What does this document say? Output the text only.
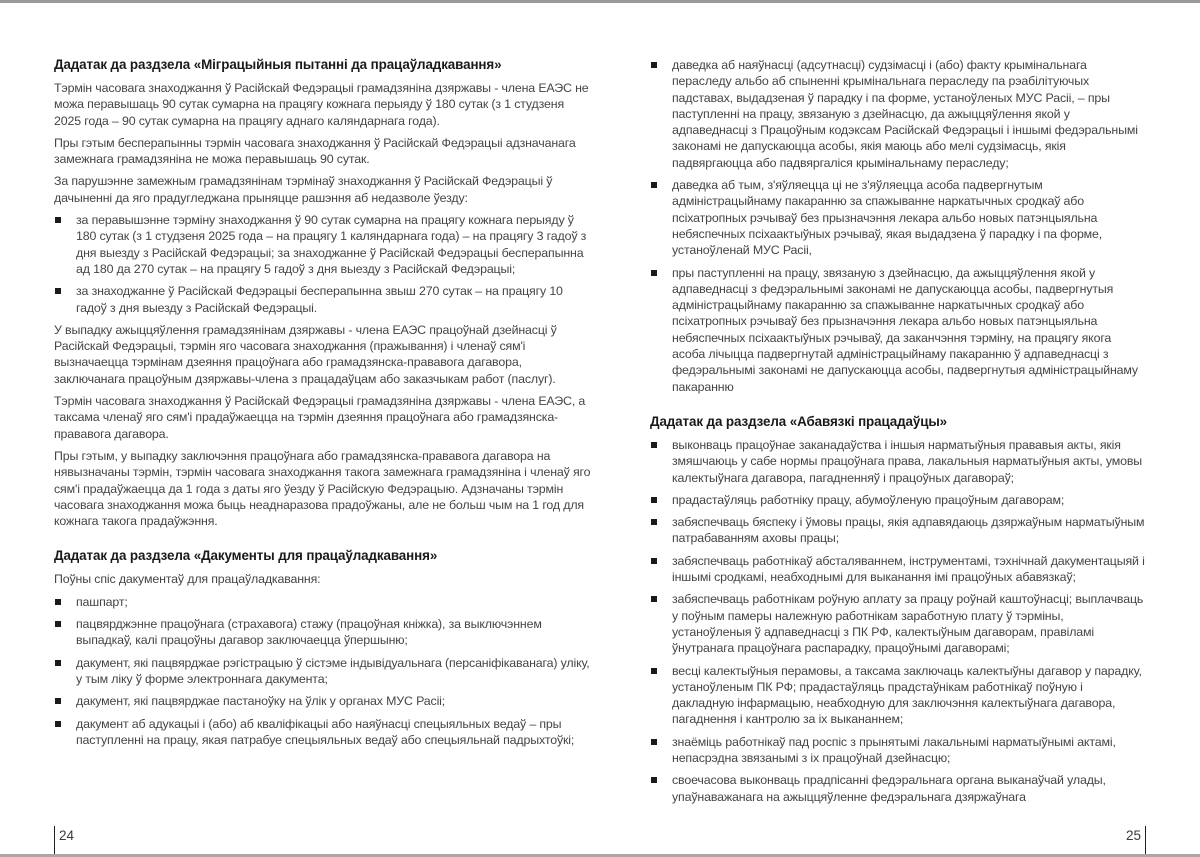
Дадатак да раздзела «Міграцыйныя пытанні да працаўладкавання»

Тэрмін часовага знаходжання ў Расійскай Федэрацыі грамадзяніна дзяржавы - члена ЕАЭС не можа перавышаць 90 сутак сумарна на працягу кожнага перыяду ў 180 сутак (з 1 студзеня 2025 года – 90 сутак сумарна на працягу аднаго каляндарнага года).

Пры гэтым бесперапынны тэрмін часовага знаходжання ў Расійскай Федэрацыі адзначанага замежнага грамадзяніна не можа перавышаць 90 сутак.

За парушэнне замежным грамадзянінам тэрмінаў знаходжання ў Расійскай Федэрацыі ў дачыненні да яго прадугледжана прыняцце рашэння аб недазволе ўезду:

за перавышэнне тэрміну знаходжання ў 90 сутак сумарна на працягу кожнага перыяду ў 180 сутак (з 1 студзеня 2025 года – на працягу 1 каляндарнага года) – на працягу 3 гадоў з дня выезду з Расійскай Федэрацыі; за знаходжанне ў Расійскай Федэрацыі бесперапынна ад 180 да 270 сутак – на працягу 5 гадоў з дня выезду з Расійскай Федэрацыі;
за знаходжанне ў Расійскай Федэрацыі бесперапынна звыш 270 сутак – на працягу 10 гадоў з дня выезду з Расійскай Федэрацыі.

У выпадку ажыццяўлення грамадзянінам дзяржавы - члена ЕАЭС працоўнай дзейнасці ў Расійскай Федэрацыі, тэрмін яго часовага знаходжання (пражывання) і членаў сям'і вызначаецца тэрмінам дзеяння працоўнага або грамадзянска-прававога дагавора, заключанага працоўным дзяржавы-члена з працадаўцам або заказчыкам работ (паслуг).

Тэрмін часовага знаходжання ў Расійскай Федэрацыі грамадзяніна дзяржавы - члена ЕАЭС, а таксама членаў яго сям'і прадаўжаецца на тэрмін дзеяння працоўнага або грамадзянска-прававога дагавора.

Пры гэтым, у выпадку заключэння працоўнага або грамадзянска-прававога дагавора на нявызначаны тэрмін, тэрмін часовага знаходжання такога замежнага грамадзяніна і членаў яго сям'і прадаўжаецца да 1 года з даты яго ўезду ў Расійскую Федэрацыю. Адзначаны тэрмін часовага знаходжання можа быць неаднаразова прадоўжаны, але не больш чым на 1 год для кожнага такога прадаўжэння.

Дадатак да раздзела «Дакументы для працаўладкавання»

Поўны спіс дакументаў для працаўладкавання:

пашпарт;
пацвярджэнне працоўнага (страхавога) стажу (працоўная кніжка), за выключэннем выпадкаў, калі працоўны дагавор заключаецца ўпершыню;
дакумент, які пацвярджае рэгістрацыю ў сістэме індывідуальнага (персаніфікаванага) уліку, у тым ліку ў форме электроннага дакумента;
дакумент, які пацвярджае пастаноўку на ўлік у органах МУС Расіі;
дакумент аб адукацыі і (або) аб кваліфікацыі або наяўнасці спецыяльных ведаў – пры паступленні на працу, якая патрабуе спецыяльных ведаў або спецыяльнай падрыхтоўкі;
24
даведка аб наяўнасці (адсутнасці) судзімасці і (або) факту крымінальнага пераследу альбо аб спыненні крымінальнага пераследу па рэабілітуючых падставах, выдадзеная ў парадку і па форме, устаноўленых МУС Расіі, – пры паступленні на працу, звязаную з дзейнасцю, да ажыццяўлення якой у адпаведнасці з Працоўным кодэксам Расійскай Федэрацыі і іншымі федэральнымі законамі не дапускаюцца асобы, якія маюць або мелі судзімасць, якія падвяргаюцца або падвяргаліся крымінальнаму пераследу;
даведка аб тым, з'яўляецца ці не з'яўляецца асоба падвергнутым адміністрацыйнаму пакаранню за спажыванне наркатычных сродкаў або псіхатропных рэчываў без прызначэння лекара альбо новых патэнцыяльна небяспечных псіхаактыўных рэчываў, якая выдадзена ў парадку і па форме, устаноўленай МУС Расіі,
пры паступленні на працу, звязаную з дзейнасцю, да ажыццяўлення якой у адпаведнасці з федэральнымі законамі не дапускаюцца асобы, падвергнутыя адміністрацыйнаму пакаранню за спажыванне наркатычных сродкаў або псіхатропных рэчываў без прызначэння лекара альбо новых патэнцыяльна небяспечных псіхаактыўных рэчываў, да заканчэння тэрміну, на працягу якога асоба лічыцца падвергнутай адміністрацыйнаму пакаранню ў адпаведнасці з федэральнымі законамі не дапускаюцца асобы, падвергнутыя адміністрацыйнаму пакаранню
Дадатак да раздзела «Абавязкі працадаўцы»
выконваць працоўнае заканадаўства і іншыя нарматыўныя прававыя акты, якія змяшчаюць у сабе нормы працоўнага права, лакальныя нарматыўныя акты, умовы калектыўнага дагавора, пагадненняў і працоўных дагавораў;
прадастаўляць работніку працу, абумоўленую працоўным дагаворам;
забяспечваць бяспеку і ўмовы працы, якія адпавядаюць дзяржаўным нарматыўным патрабаванням аховы працы;
забяспечваць работнікаў абсталяваннем, інструментамі, тэхнічнай дакументацыяй і іншымі сродкамі, неабходнымі для выканання імі працоўных абавязкаў;
забяспечваць работнікам роўную аплату за працу роўнай каштоўнасці; выплачваць у поўным памеры належную работнікам заработную плату ў тэрміны, устаноўленыя ў адпаведнасці з ПК РФ, калектыўным дагаворам, правіламі ўнутранага працоўнага распарадку, працоўнымі дагаворамі;
весці калектыўныя перамовы, а таксама заключаць калектыўны дагавор у парадку, устаноўленым ПК РФ; прадастаўляць прадстаўнікам работнікаў поўную і дакладную інфармацыю, неабходную для заключэння калектыўнага дагавора, пагаднення і кантролю за іх выкананнем;
знаёміць работнікаў пад роспіс з прынятымі лакальнымі нарматыўнымі актамі, непасрэдна звязанымі з іх працоўнай дзейнасцю;
своечасова выконваць прадпісанні федэральнага органа выканаўчай улады, упаўнаважанага на ажыццяўленне федэральнага дзяржаўнага
25
